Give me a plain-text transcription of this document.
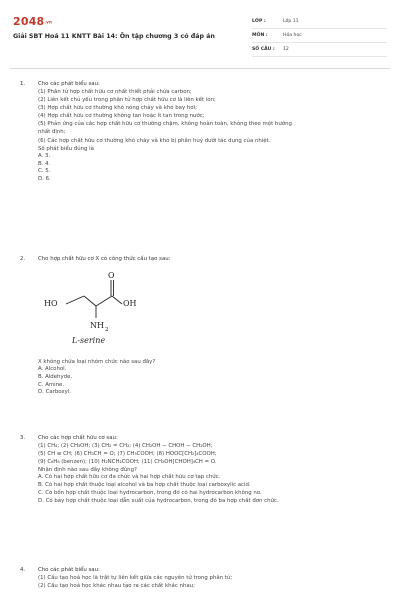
2048.vn
Giải SBT Hoá 11 KNTT Bài 14: Ôn tập chương 3 có đáp án
LỚP :	Lớp 11
MÔN :	Hóa học
SỐ CÂU :	12
1.	Cho các phát biểu sau:
(1) Phân tử hợp chất hữu cơ nhất thiết phải chứa carbon;
(2) Liên kết chủ yếu trong phân tử hợp chất hữu cơ là liên kết ion;
(3) Hợp chất hữu cơ thường khó nóng chảy và khó bay hơi;
(4) Hợp chất hữu cơ thường không tan hoặc ít tan trong nước;
(5) Phản ứng của các hợp chất hữu cơ thường chậm, không hoàn toàn, không theo một hướng
nhất định;
(6) Các hợp chất hữu cơ thường khó cháy và khó bị phân huỷ dưới tác dụng của nhiệt.
Số phát biểu đúng là
A. 3.
B. 4.
C. 5.
D. 6.
2.	Cho hợp chất hữu cơ X có công thức cấu tạo sau:
O
HO	OH
NH 2
L-serine
X không chứa loại nhóm chức nào sau đây?
A. Alcohol.
B. Aldehyde.
C. Amine.
D. Carboxyl.
3.	Cho các hợp chất hữu cơ sau:
(1) CH₄; (2) CH₃OH; (3) CH₂ = CH₂; (4) CH₂OH − CHOH − CH₂OH;
(5) CH ≡ CH; (6) CH₃CH = O; (7) CH₃COOH; (8) HOOC[CH₂]₄COOH;
(9) C₆H₆ (benzen); (10) H₂NCH₂COOH; (11) CH₂OH[CHOH]₄CH = O.
Nhận định nào sau đây không đúng?
A. Có hai hợp chất hữu cơ đa chức và hai hợp chất hữu cơ tạp chức.
B. Có hai hợp chất thuộc loại alcohol và ba hợp chất thuộc loại carboxylic acid.
C. Có bốn hợp chất thuộc loại hydrocarbon, trong đó có hai hydrocarbon không no.
D. Có bảy hợp chất thuộc loại dẫn xuất của hydrocarbon, trong đó ba hợp chất đơn chức.
4.	Cho các phát biểu sau:
(1) Cấu tạo hoá học là trật tự liên kết giữa các nguyên tử trong phân tử;
(2) Cấu tạo hoá học khác nhau tạo ra các chất khác nhau;
